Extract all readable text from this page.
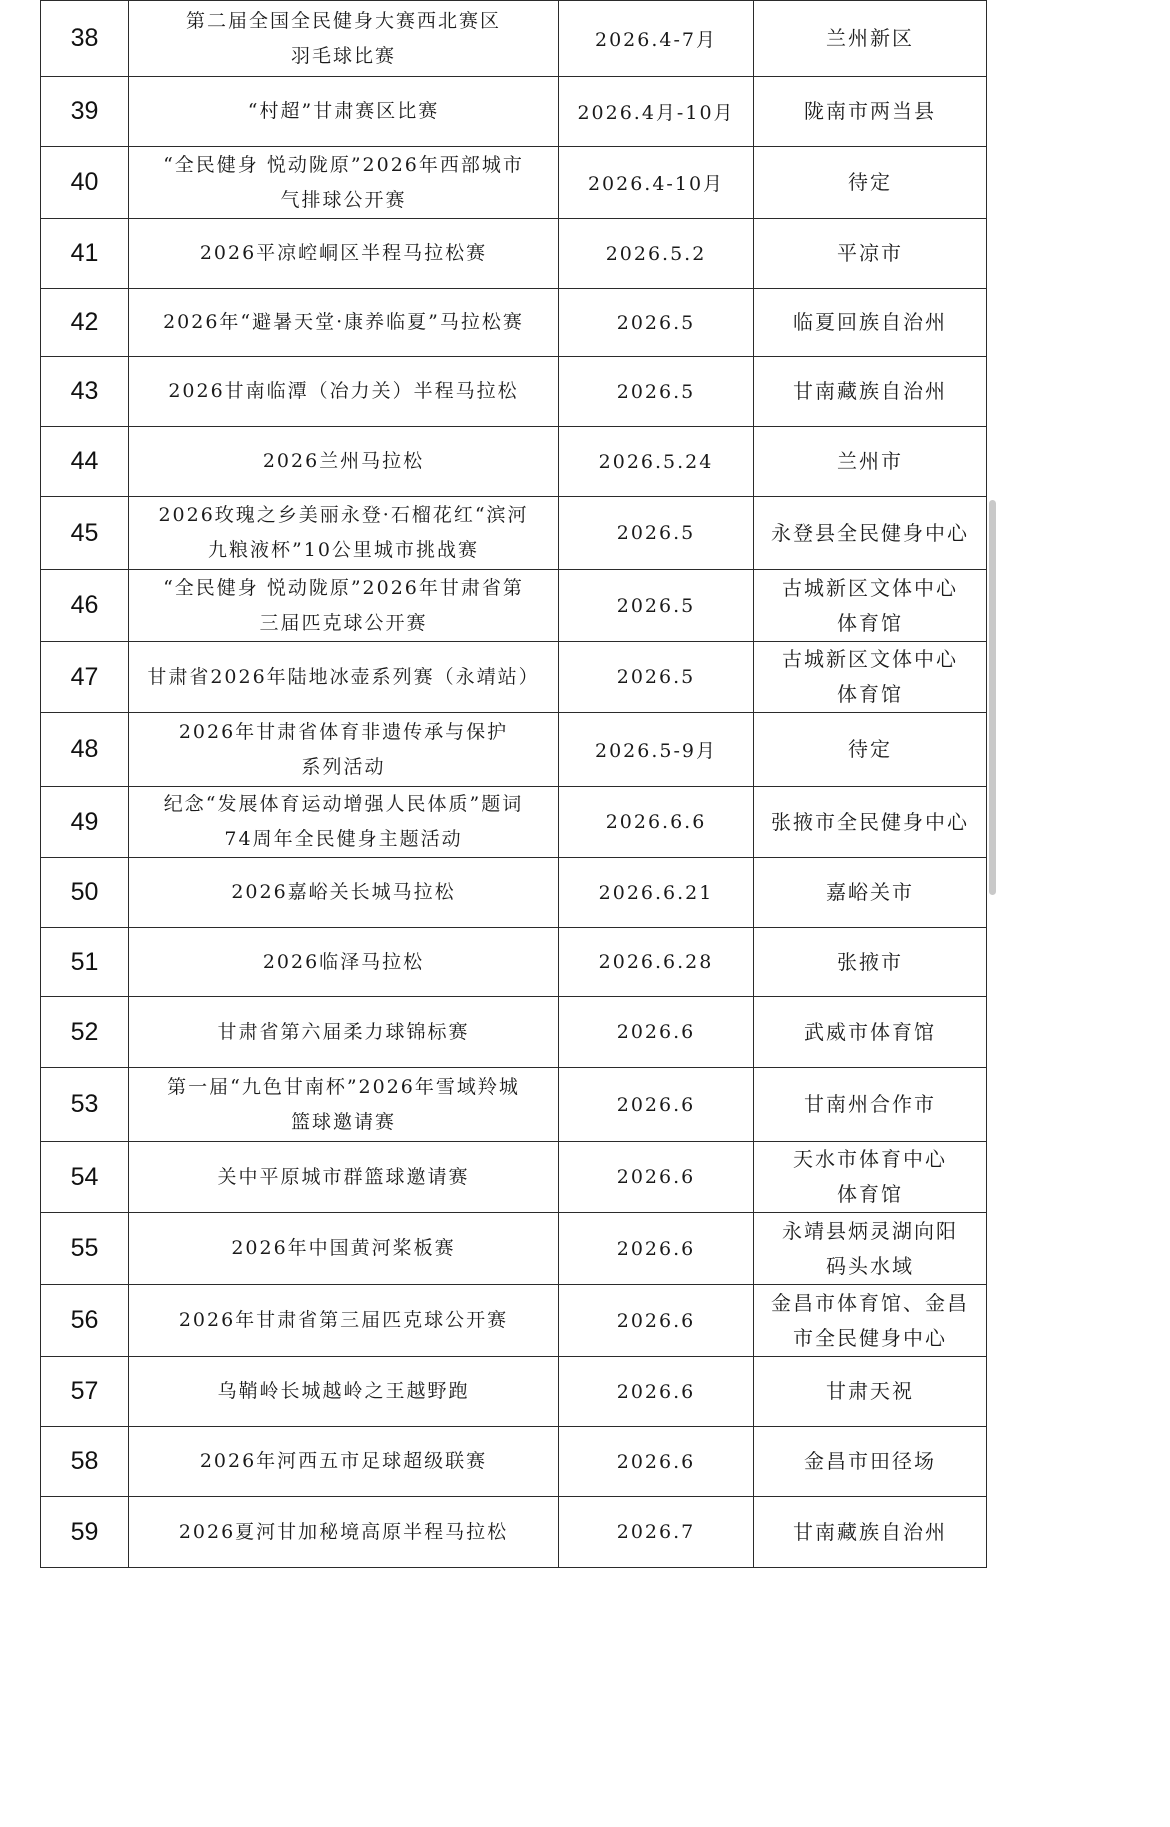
38	第二届全国全民健身大赛西北赛区
羽毛球比赛	2026.4-7月	兰州新区

39	“村超”甘肃赛区比赛	2026.4月-10月	陇南市两当县

40	“全民健身 悦动陇原”2026年西部城市
气排球公开赛	2026.4-10月	待定

41	2026平凉崆峒区半程马拉松赛	2026.5.2	平凉市

42	2026年“避暑天堂·康养临夏”马拉松赛	2026.5	临夏回族自治州

43	2026甘南临潭（冶力关）半程马拉松	2026.5	甘南藏族自治州

44	2026兰州马拉松	2026.5.24	兰州市

45	2026玫瑰之乡美丽永登·石榴花红“滨河
九粮液杯”10公里城市挑战赛	2026.5	永登县全民健身中心

46	“全民健身 悦动陇原”2026年甘肃省第
三届匹克球公开赛	2026.5	古城新区文体中心
体育馆

47	甘肃省2026年陆地冰壶系列赛（永靖站）	2026.5	古城新区文体中心
体育馆

48	2026年甘肃省体育非遗传承与保护
系列活动	2026.5-9月	待定

49	纪念“发展体育运动增强人民体质”题词
74周年全民健身主题活动	2026.6.6	张掖市全民健身中心

50	2026嘉峪关长城马拉松	2026.6.21	嘉峪关市

51	2026临泽马拉松	2026.6.28	张掖市

52	甘肃省第六届柔力球锦标赛	2026.6	武威市体育馆

53	第一届“九色甘南杯”2026年雪域羚城
篮球邀请赛	2026.6	甘南州合作市

54	关中平原城市群篮球邀请赛	2026.6	天水市体育中心
体育馆

55	2026年中国黄河桨板赛	2026.6	永靖县炳灵湖向阳
码头水域

56	2026年甘肃省第三届匹克球公开赛	2026.6	金昌市体育馆、金昌
市全民健身中心

57	乌鞘岭长城越岭之王越野跑	2026.6	甘肃天祝

58	2026年河西五市足球超级联赛	2026.6	金昌市田径场

59	2026夏河甘加秘境高原半程马拉松	2026.7	甘南藏族自治州
